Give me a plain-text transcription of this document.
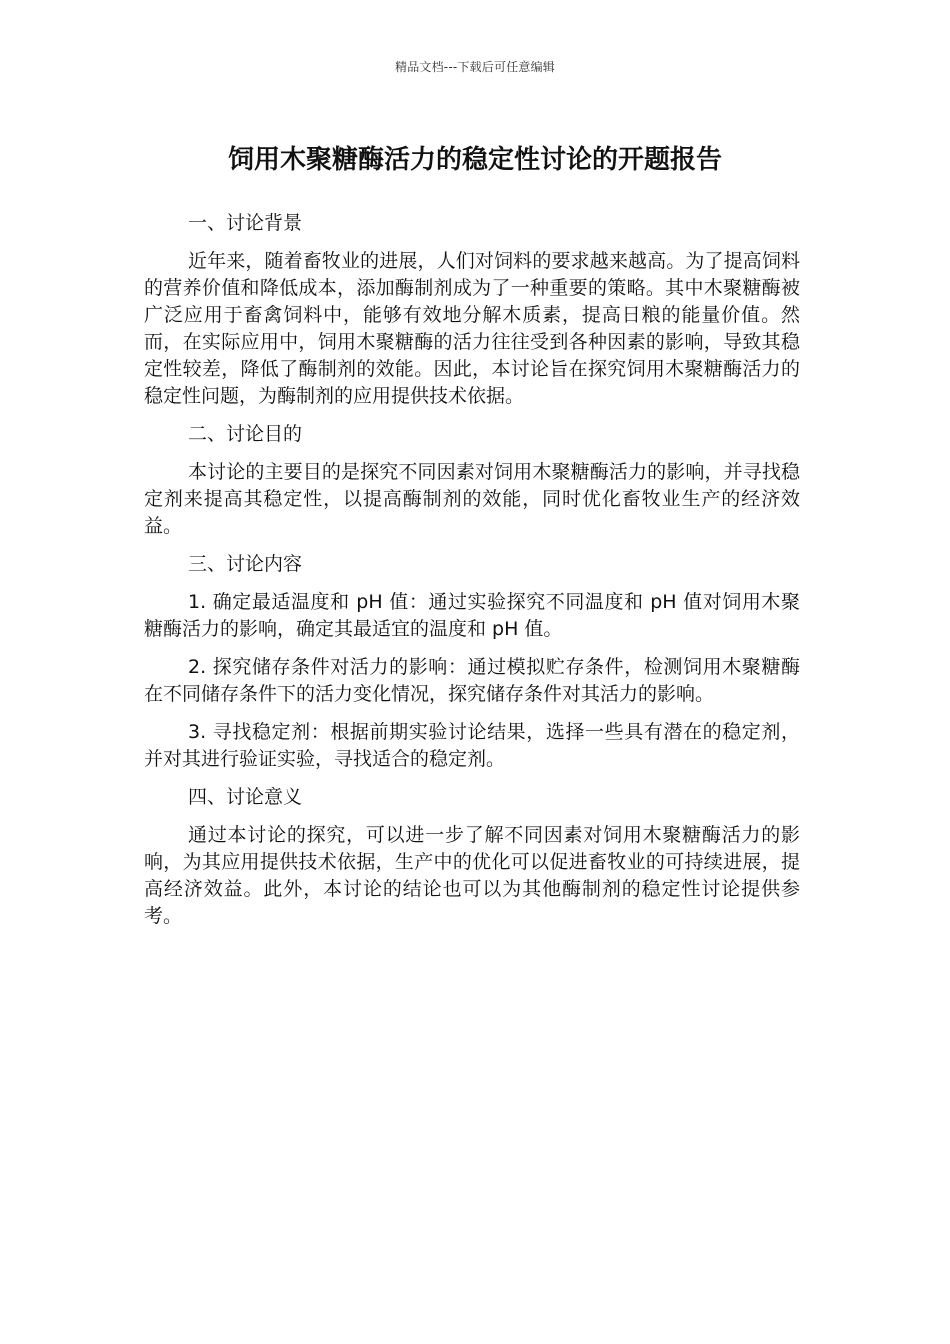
精品文档---下载后可任意编辑
饲用木聚糖酶活力的稳定性讨论的开题报告
一、讨论背景

近年来，随着畜牧业的进展，人们对饲料的要求越来越高。为了提高饲料的营养价值和降低成本，添加酶制剂成为了一种重要的策略。其中木聚糖酶被广泛应用于畜禽饲料中，能够有效地分解木质素，提高日粮的能量价值。然而，在实际应用中，饲用木聚糖酶的活力往往受到各种因素的影响，导致其稳定性较差，降低了酶制剂的效能。因此，本讨论旨在探究饲用木聚糖酶活力的稳定性问题，为酶制剂的应用提供技术依据。

二、讨论目的

本讨论的主要目的是探究不同因素对饲用木聚糖酶活力的影响，并寻找稳定剂来提高其稳定性，以提高酶制剂的效能，同时优化畜牧业生产的经济效益。

三、讨论内容

1. 确定最适温度和 pH 值：通过实验探究不同温度和 pH 值对饲用木聚糖酶活力的影响，确定其最适宜的温度和 pH 值。

2. 探究储存条件对活力的影响：通过模拟贮存条件，检测饲用木聚糖酶在不同储存条件下的活力变化情况，探究储存条件对其活力的影响。

3. 寻找稳定剂：根据前期实验讨论结果，选择一些具有潜在的稳定剂，并对其进行验证实验，寻找适合的稳定剂。

四、讨论意义

通过本讨论的探究，可以进一步了解不同因素对饲用木聚糖酶活力的影响，为其应用提供技术依据，生产中的优化可以促进畜牧业的可持续进展，提高经济效益。此外，本讨论的结论也可以为其他酶制剂的稳定性讨论提供参考。
